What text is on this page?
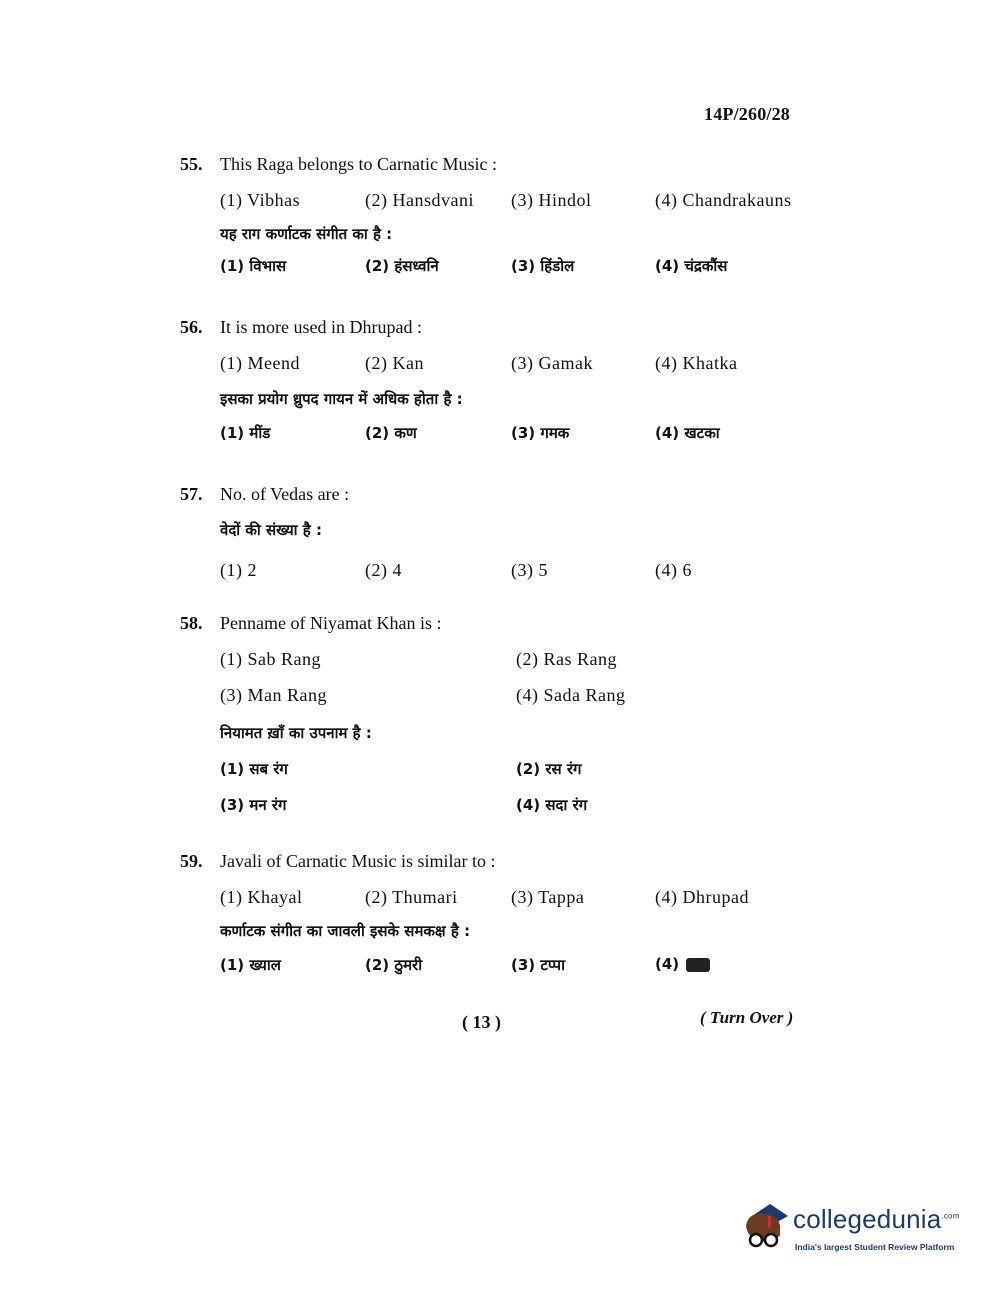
14P/260/28
55. This Raga belongs to Carnatic Music :
(1) Vibhas	(2) Hansdvani (3) Hindol	(4) Chandrakauns
यह राग कर्णाटक संगीत का है :
(1) विभास	(2) हंसध्वनि	(3) हिंडोल	(4) चंद्रकौंस
56. It is more used in Dhrupad :
(1) Meend	(2) Kan	(3) Gamak	(4) Khatka
इसका प्रयोग ध्रुपद गायन में अधिक होता है :
(1) मींड	(2) कण	(3) गमक	(4) खटका
57. No. of Vedas are :
वेदों की संख्या है :
(1) 2	(2) 4	(3) 5	(4) 6
58. Penname of Niyamat Khan is :
(1) Sab Rang	(2) Ras Rang
(3) Man Rang	(4) Sada Rang
नियामत ख़ाँ का उपनाम है :
(1) सब रंग	(2) रस रंग
(3) मन रंग	(4) सदा रंग
59. Javali of Carnatic Music is similar to :
(1) Khayal	(2) Thumari	(3) Tappa	(4) Dhrupad
कर्णाटक संगीत का जावली इसके समकक्ष है :
(1) ख्याल	(2) ठुमरी	(3) टप्पा	(4)
( 13 )	( Turn Over )
collegedunia$^{.com}$
India's largest Student Review Platform
